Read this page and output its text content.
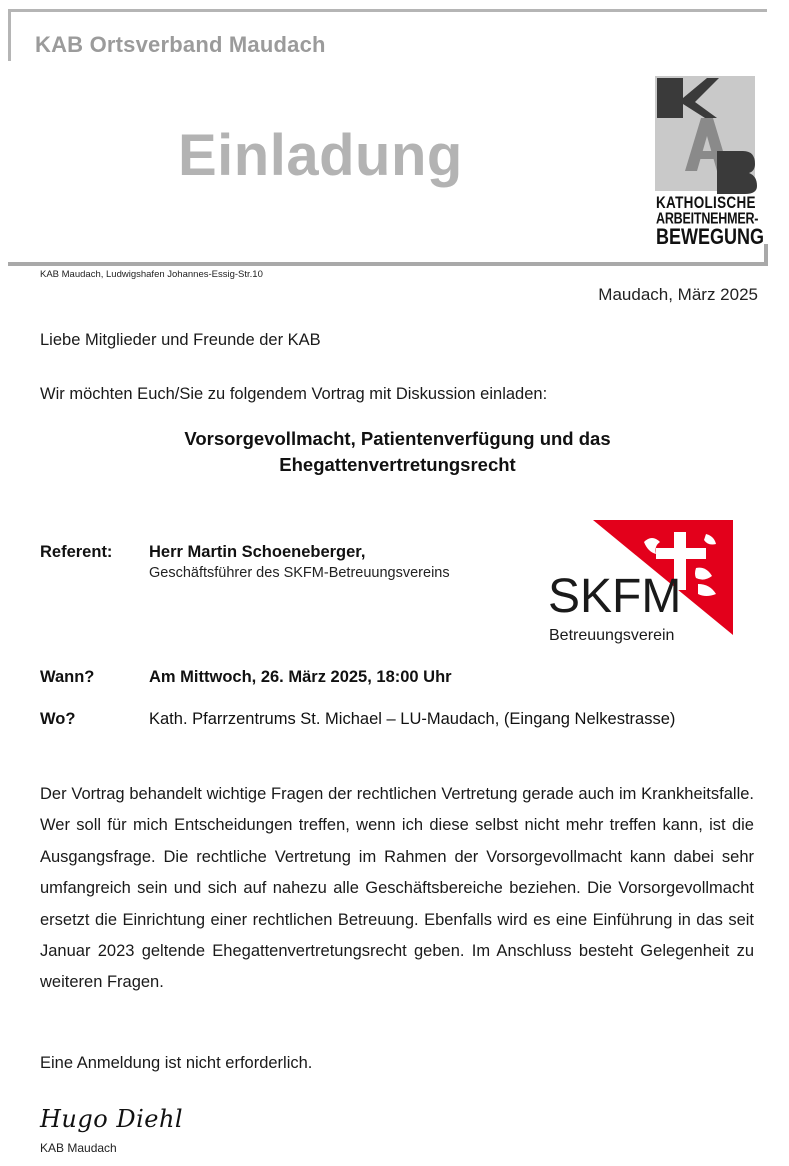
KAB Ortsverband Maudach
Einladung
KATHOLISCHE
ARBEITNEHMER-
BEWEGUNG
KAB Maudach, Ludwigshafen Johannes-Essig-Str.10
Maudach, März 2025
Liebe Mitglieder und Freunde der KAB
Wir möchten Euch/Sie zu folgendem Vortrag mit Diskussion einladen:
Vorsorgevollmacht, Patientenverfügung und das
Ehegattenvertretungsrecht
Referent: Herr Martin Schoeneberger,
Geschäftsführer des SKFM-Betreuungsvereins SKFM
Betreuungsverein
Wann?	Am Mittwoch, 26. März 2025, 18:00 Uhr
Wo?	Kath. Pfarrzentrums St. Michael – LU-Maudach, (Eingang Nelkestrasse)
Der Vortrag behandelt wichtige Fragen der rechtlichen Vertretung gerade auch im Krankheitsfalle. Wer soll für mich Entscheidungen treffen, wenn ich diese selbst nicht mehr treffen kann, ist die Ausgangsfrage. Die rechtliche Vertretung im Rahmen der Vorsorgevollmacht kann dabei sehr umfangreich sein und sich auf nahezu alle Geschäftsbereiche beziehen. Die Vorsorgevollmacht ersetzt die Einrichtung einer rechtlichen Betreuung. Ebenfalls wird es eine Einführung in das seit Januar 2023 geltende Ehegattenvertretungsrecht geben. Im Anschluss besteht Gelegenheit zu weiteren Fragen.
Eine Anmeldung ist nicht erforderlich.
Hugo Diehl
KAB Maudach
